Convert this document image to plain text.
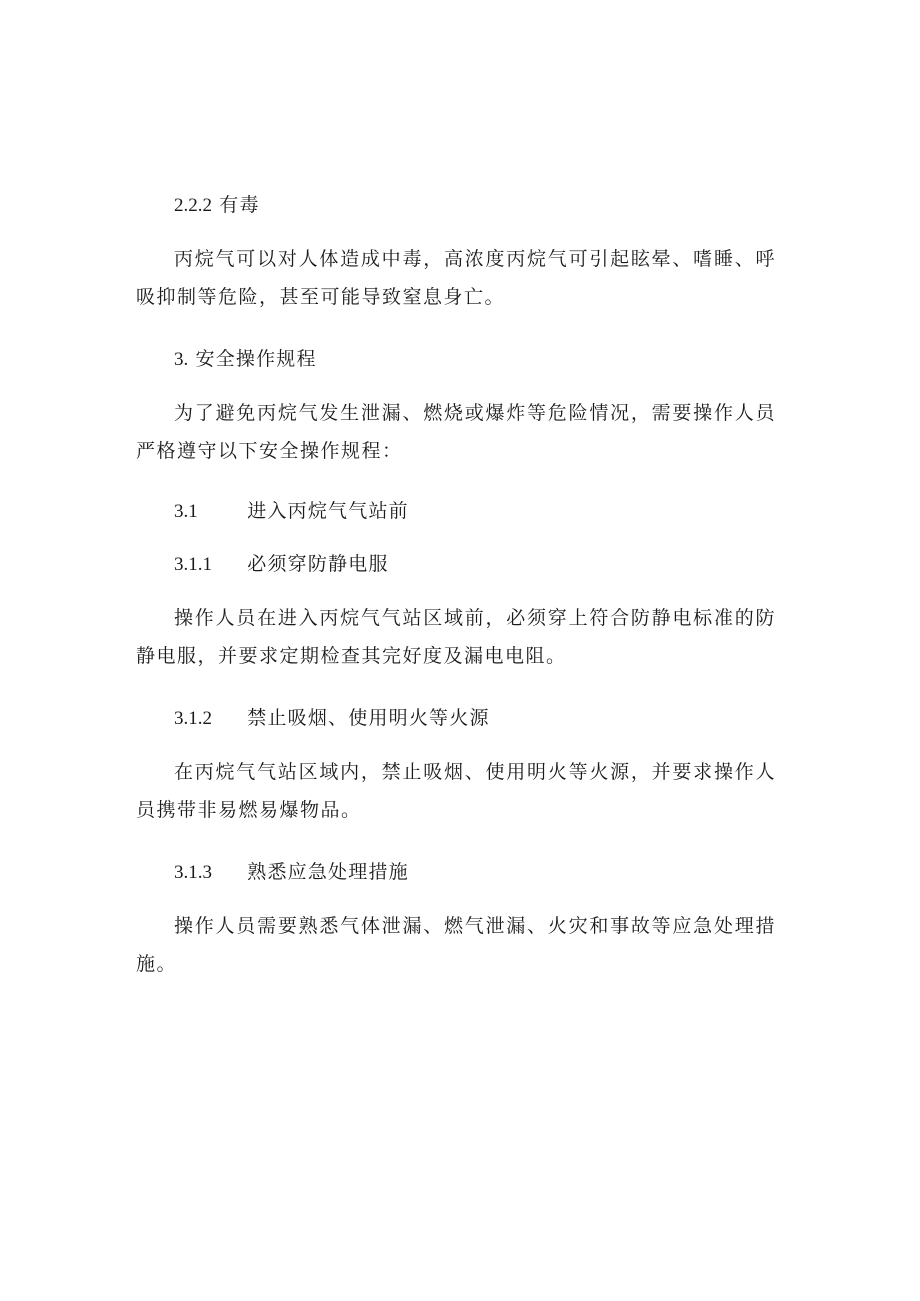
2.2.2 有毒

丙烷气可以对人体造成中毒，高浓度丙烷气可引起眩晕、嗜睡、呼吸抑制等危险，甚至可能导致窒息身亡。

3. 安全操作规程

为了避免丙烷气发生泄漏、燃烧或爆炸等危险情况，需要操作人员严格遵守以下安全操作规程：

3.1	进入丙烷气气站前
3.1.1 必须穿防静电服

操作人员在进入丙烷气气站区域前，必须穿上符合防静电标准的防静电服，并要求定期检查其完好度及漏电电阻。

3.1.2 禁止吸烟、使用明火等火源

在丙烷气气站区域内，禁止吸烟、使用明火等火源，并要求操作人员携带非易燃易爆物品。

3.1.3 熟悉应急处理措施

操作人员需要熟悉气体泄漏、燃气泄漏、火灾和事故等应急处理措施。
